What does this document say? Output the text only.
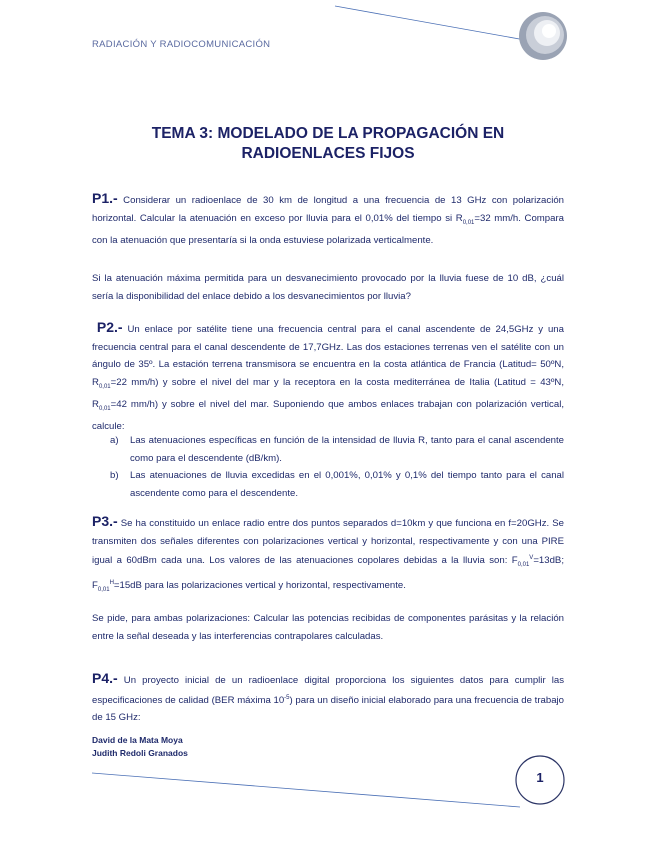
RADIACIÓN Y RADIOCOMUNICACIÓN
TEMA 3: MODELADO DE LA PROPAGACIÓN EN RADIOENLACES FIJOS
P1.- Considerar un radioenlace de 30 km de longitud a una frecuencia de 13 GHz con polarización horizontal. Calcular la atenuación en exceso por lluvia para el 0,01% del tiempo si $R_{0,01}=32$ mm/h. Compara con la atenuación que presentaría si la onda estuviese polarizada verticalmente.
Si la atenuación máxima permitida para un desvanecimiento provocado por la lluvia fuese de 10 dB, ¿cuál sería la disponibilidad del enlace debido a los desvanecimientos por lluvia?
P2.- Un enlace por satélite tiene una frecuencia central para el canal ascendente de 24,5GHz y una frecuencia central para el canal descendente de 17,7GHz. Las dos estaciones terrenas ven el satélite con un ángulo de 35º. La estación terrena transmisora se encuentra en la costa atlántica de Francia (Latitud= 50ºN, $R_{0,01}=22$ mm/h) y sobre el nivel del mar y la receptora en la costa mediterránea de Italia (Latitud = 43ºN, $R_{0,01}=42$ mm/h) y sobre el nivel del mar. Suponiendo que ambos enlaces trabajan con polarización vertical, calcule:
a)	Las atenuaciones específicas en función de la intensidad de lluvia R, tanto para el canal ascendente como para el descendente (dB/km).
b)	Las atenuaciones de lluvia excedidas en el 0,001%, 0,01% y 0,1% del tiempo tanto para el canal ascendente como para el descendente.
P3.- Se ha constituido un enlace radio entre dos puntos separados d=10km y que funciona en f=20GHz. Se transmiten dos señales diferentes con polarizaciones vertical y horizontal, respectivamente y con una PIRE igual a 60dBm cada una. Los valores de las atenuaciones copolares debidas a la lluvia son: $F_{0,01}^V=13dB$; $F_{0,01}^H=15dB$ para las polarizaciones vertical y horizontal, respectivamente.
Se pide, para ambas polarizaciones: Calcular las potencias recibidas de componentes parásitas y la relación entre la señal deseada y las interferencias contrapolares calculadas.
P4.- Un proyecto inicial de un radioenlace digital proporciona los siguientes datos para cumplir las especificaciones de calidad (BER máxima $10^{-5}$) para un diseño inicial elaborado para una frecuencia de trabajo de 15 GHz:
David de la Mata Moya
Judith Redoli Granados
1
